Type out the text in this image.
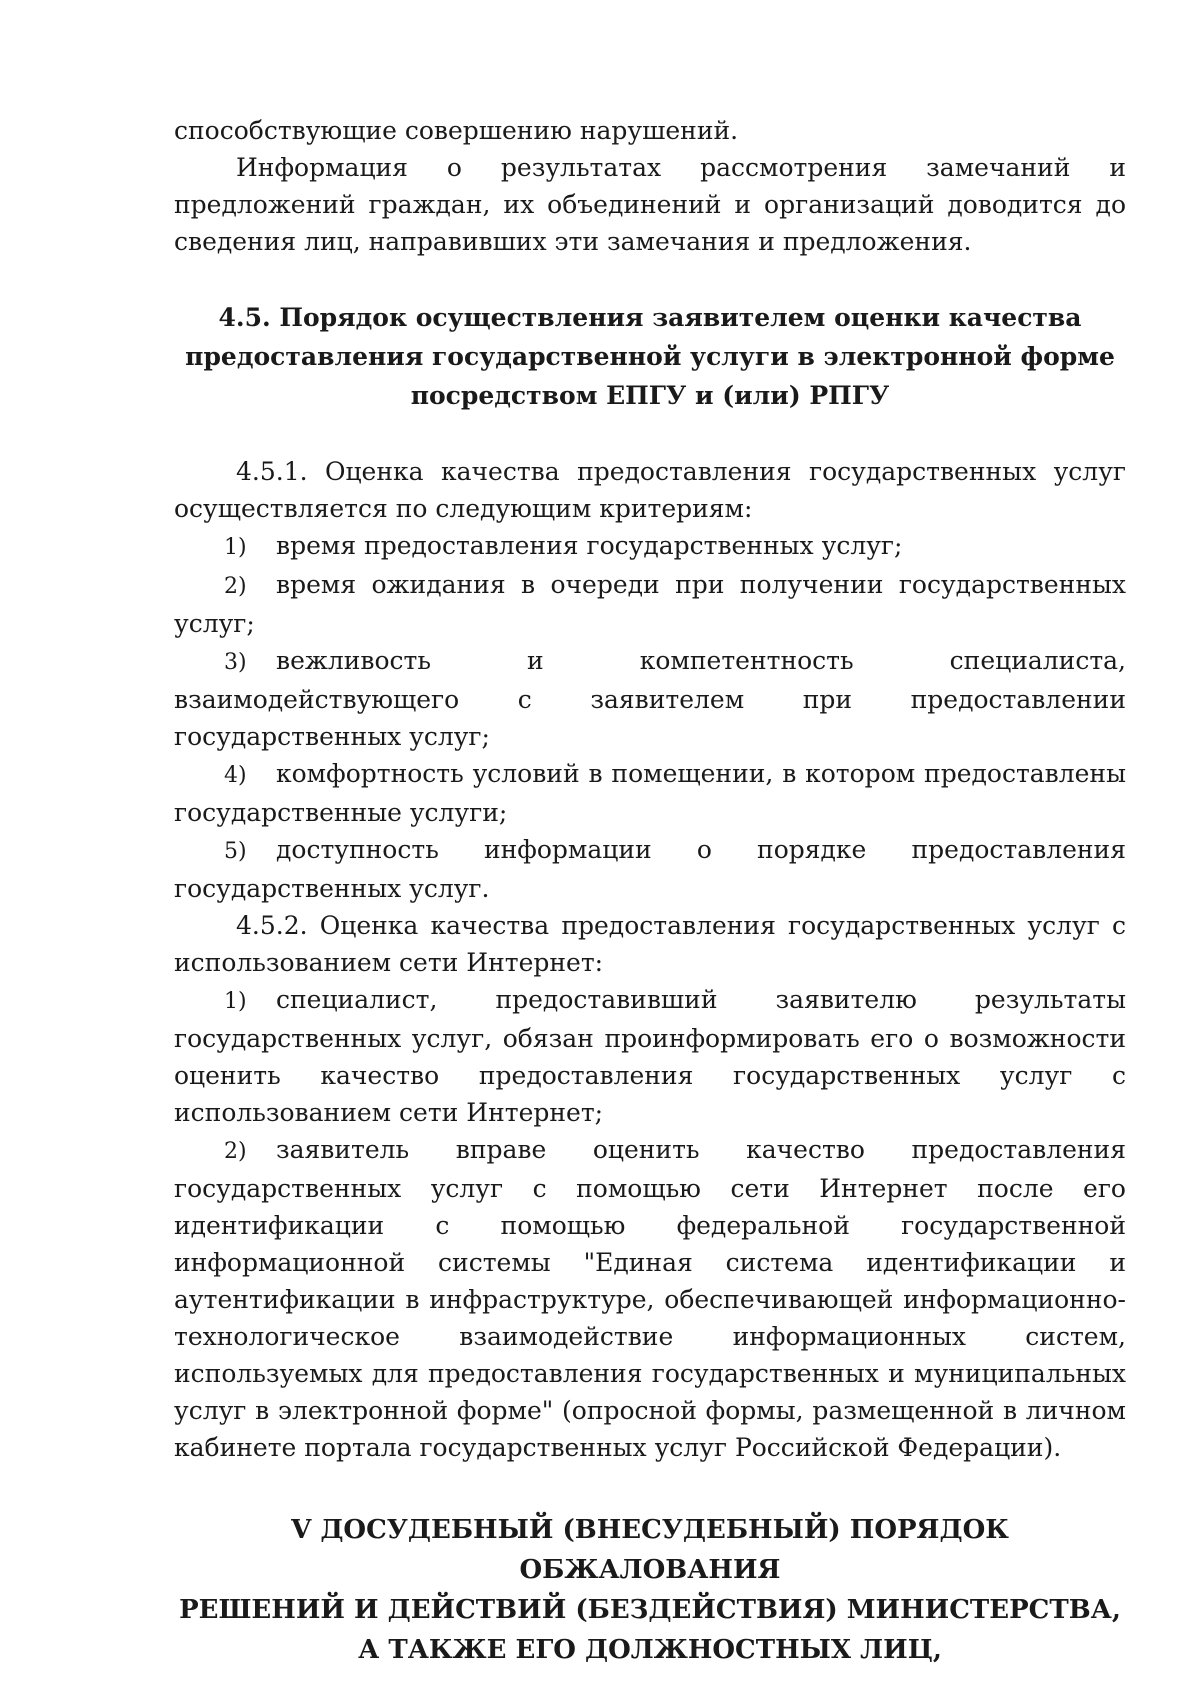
способствующие совершению нарушений.

Информация о результатах рассмотрения замечаний и предложений граждан, их объединений и организаций доводится до сведения лиц, направивших эти замечания и предложения.

4.5. Порядок осуществления заявителем оценки качества
предоставления государственной услуги в электронной форме
посредством ЕПГУ и (или) РПГУ

4.5.1. Оценка качества предоставления государственных услуг осуществляется по следующим критериям:

1) время предоставления государственных услуг;

2) время ожидания в очереди при получении государственных услуг;

3) вежливость и компетентность специалиста, взаимодействующего с заявителем при предоставлении государственных услуг;

4) комфортность условий в помещении, в котором предоставлены государственные услуги;

5) доступность информации о порядке предоставления государственных услуг.

4.5.2. Оценка качества предоставления государственных услуг с использованием сети Интернет:

1) специалист, предоставивший заявителю результаты государственных услуг, обязан проинформировать его о возможности оценить качество предоставления государственных услуг с использованием сети Интернет;

2) заявитель вправе оценить качество предоставления государственных услуг с помощью сети Интернет после его идентификации с помощью федеральной государственной информационной системы "Единая система идентификации и аутентификации в инфраструктуре, обеспечивающей информационно-технологическое взаимодействие информационных систем, используемых для предоставления государственных и муниципальных услуг в электронной форме" (опросной формы, размещенной в личном кабинете портала государственных услуг Российской Федерации).

V ДОСУДЕБНЫЙ (ВНЕСУДЕБНЫЙ) ПОРЯДОК ОБЖАЛОВАНИЯ
РЕШЕНИЙ И ДЕЙСТВИЙ (БЕЗДЕЙСТВИЯ) МИНИСТЕРСТВА,
А ТАКЖЕ ЕГО ДОЛЖНОСТНЫХ ЛИЦ,
